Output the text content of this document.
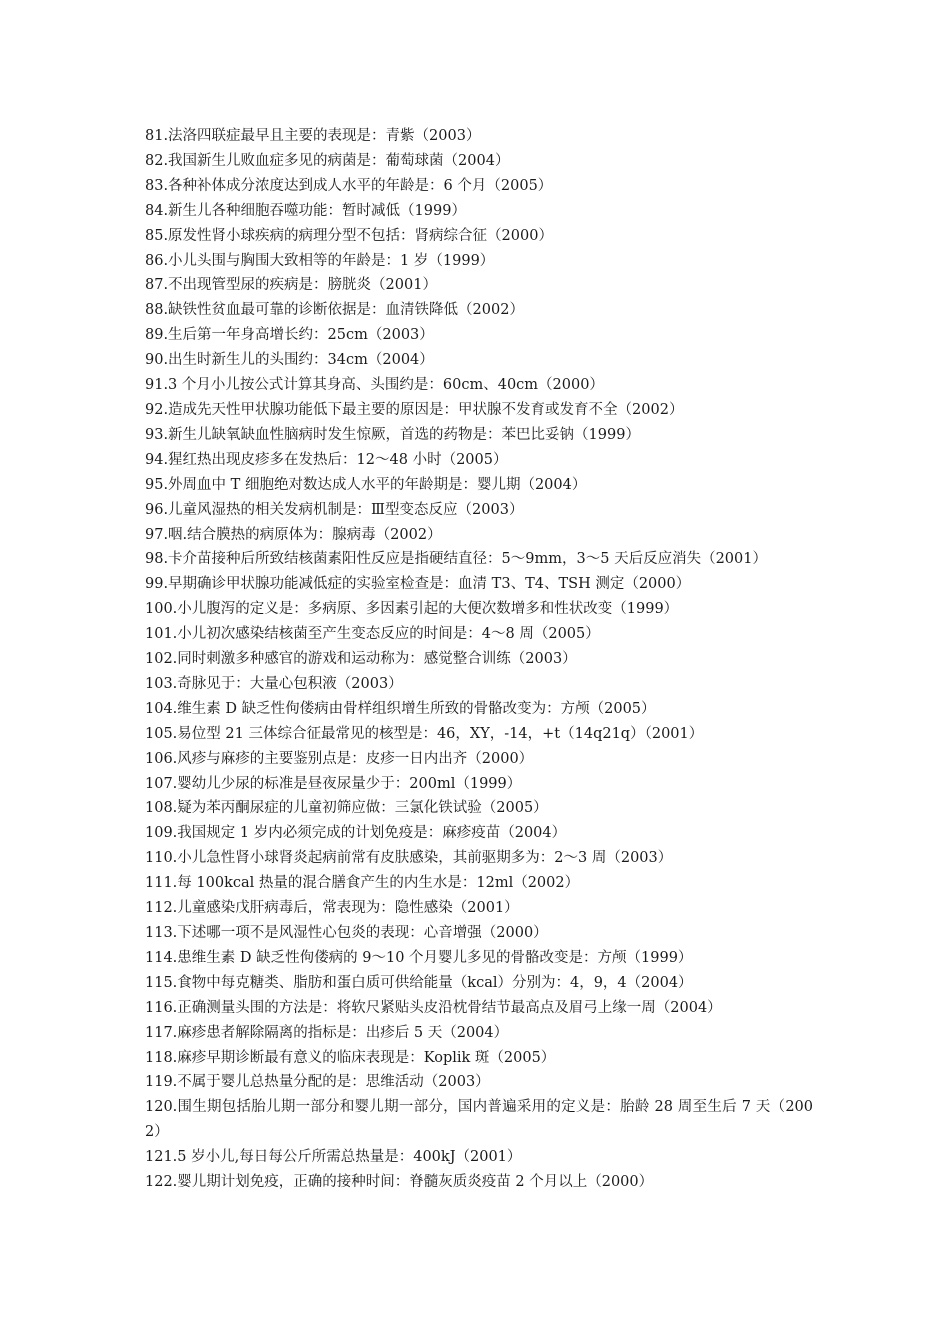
81.法洛四联症最早且主要的表现是：青紫（2003）

82.我国新生儿败血症多见的病菌是：葡萄球菌（2004）

83.各种补体成分浓度达到成人水平的年龄是：6 个月（2005）

84.新生儿各种细胞吞噬功能：暂时减低（1999）

85.原发性肾小球疾病的病理分型不包括：肾病综合征（2000）

86.小儿头围与胸围大致相等的年龄是：1 岁（1999）

87.不出现管型尿的疾病是：膀胱炎（2001）

88.缺铁性贫血最可靠的诊断依据是：血清铁降低（2002）

89.生后第一年身高增长约：25cm（2003）

90.出生时新生儿的头围约：34cm（2004）

91.3 个月小儿按公式计算其身高、头围约是：60cm、40cm（2000）

92.造成先天性甲状腺功能低下最主要的原因是：甲状腺不发育或发育不全（2002）

93.新生儿缺氧缺血性脑病时发生惊厥，首选的药物是：苯巴比妥钠（1999）

94.猩红热出现皮疹多在发热后：12～48 小时（2005）

95.外周血中 T 细胞绝对数达成人水平的年龄期是：婴儿期（2004）

96.儿童风湿热的相关发病机制是：Ⅲ型变态反应（2003）

97.咽.结合膜热的病原体为：腺病毒（2002）

98.卡介苗接种后所致结核菌素阳性反应是指硬结直径：5～9mm，3～5 天后反应消失（2001）

99.早期确诊甲状腺功能减低症的实验室检查是：血清 T3、T4、TSH 测定（2000）

100.小儿腹泻的定义是：多病原、多因素引起的大便次数增多和性状改变（1999）

101.小儿初次感染结核菌至产生变态反应的时间是：4～8 周（2005）

102.同时刺激多种感官的游戏和运动称为：感觉整合训练（2003）

103.奇脉见于：大量心包积液（2003）

104.维生素 D 缺乏性佝偻病由骨样组织增生所致的骨骼改变为：方颅（2005）

105.易位型 21 三体综合征最常见的核型是：46，XY，-14，+t（14q21q）（2001）

106.风疹与麻疹的主要鉴别点是：皮疹一日内出齐（2000）

107.婴幼儿少尿的标准是昼夜尿量少于：200ml（1999）

108.疑为苯丙酮尿症的儿童初筛应做：三氯化铁试验（2005）

109.我国规定 1 岁内必须完成的计划免疫是：麻疹疫苗（2004）

110.小儿急性肾小球肾炎起病前常有皮肤感染，其前驱期多为：2～3 周（2003）

111.每 100kcal 热量的混合膳食产生的内生水是：12ml（2002）

112.儿童感染戊肝病毒后，常表现为：隐性感染（2001）

113.下述哪一项不是风湿性心包炎的表现：心音增强（2000）

114.患维生素 D 缺乏性佝偻病的 9～10 个月婴儿多见的骨骼改变是：方颅（1999）

115.食物中每克糖类、脂肪和蛋白质可供给能量（kcal）分别为：4，9，4（2004）

116.正确测量头围的方法是：将软尺紧贴头皮沿枕骨结节最高点及眉弓上缘一周（2004）

117.麻疹患者解除隔离的指标是：出疹后 5 天（2004）

118.麻疹早期诊断最有意义的临床表现是：Koplik 斑（2005）

119.不属于婴儿总热量分配的是：思维活动（2003）

120.围生期包括胎儿期一部分和婴儿期一部分，国内普遍采用的定义是：胎龄 28 周至生后 7 天（2002）

121.5 岁小儿,每日每公斤所需总热量是：400kJ（2001）

122.婴儿期计划免疫，正确的接种时间：脊髓灰质炎疫苗 2 个月以上（2000）
